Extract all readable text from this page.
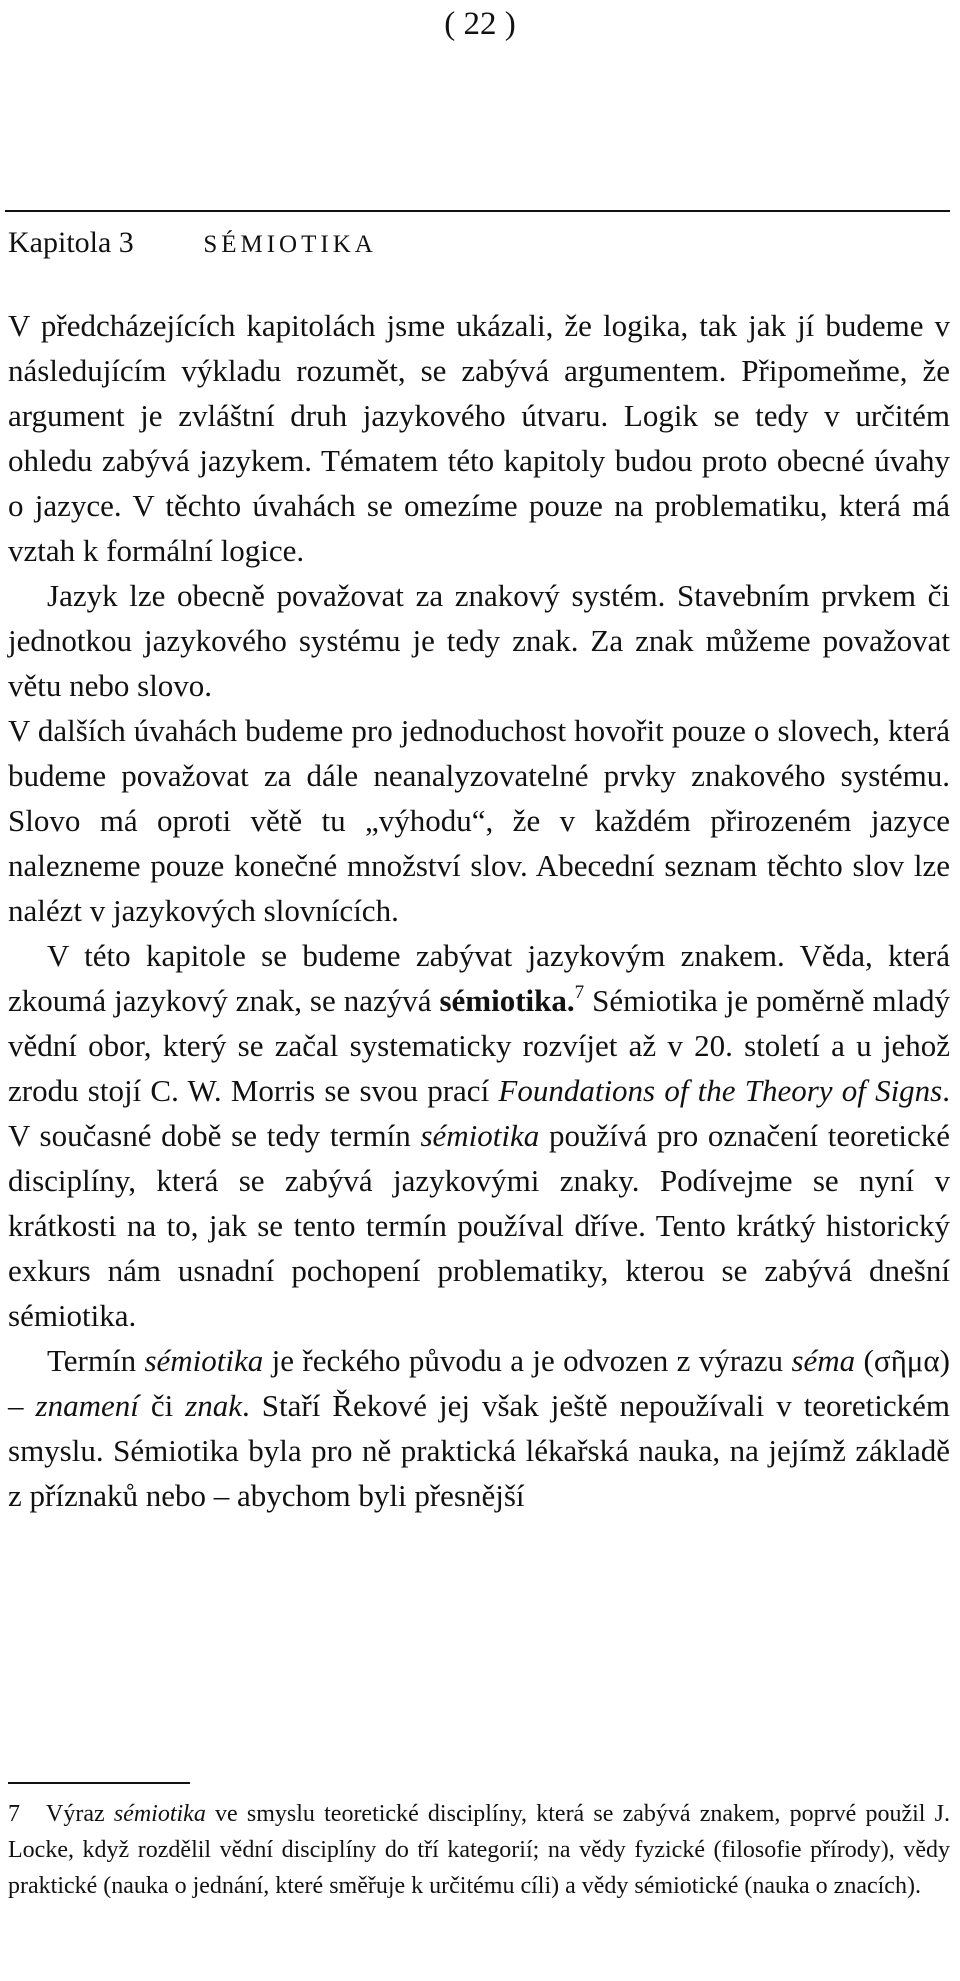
( 22 )
Kapitola 3	SÉMIOTIKA

V předcházejících kapitolách jsme ukázali, že logika, tak jak jí budeme v následujícím výkladu rozumět, se zabývá argumentem. Připomeňme, že argument je zvláštní druh jazykového útvaru. Logik se tedy v určitém ohledu zabývá jazykem. Tématem této kapitoly budou proto obecné úvahy o jazyce. V těchto úvahách se omezíme pouze na problematiku, která má vztah k formální logice.

Jazyk lze obecně považovat za znakový systém. Stavebním prvkem či jednotkou jazykového systému je tedy znak. Za znak můžeme považovat větu nebo slovo.

V dalších úvahách budeme pro jednoduchost hovořit pouze o slovech, která budeme považovat za dále neanalyzovatelné prvky znakového systému. Slovo má oproti větě tu „výhodu“, že v každém přirozeném jazyce nalezneme pouze konečné množství slov. Abecední seznam těchto slov lze nalézt v jazykových slovnících.

V této kapitole se budeme zabývat jazykovým znakem. Věda, která zkoumá jazykový znak, se nazývá sémiotika.$^7$ Sémiotika je poměrně mladý vědní obor, který se začal systematicky rozvíjet až v 20. století a u jehož zrodu stojí C. W. Morris se svou prací Foundations of the Theory of Signs. V současné době se tedy termín sémiotika používá pro označení teoretické disciplíny, která se zabývá jazykovými znaky. Podívejme se nyní v krátkosti na to, jak se tento termín používal dříve. Tento krátký historický exkurs nám usnadní pochopení problematiky, kterou se zabývá dnešní sémiotika.

Termín sémiotika je řeckého původu a je odvozen z výrazu séma (σῆμα) – znamení či znak. Staří Řekové jej však ještě nepoužívali v teoretickém smyslu. Sémiotika byla pro ně praktická lékařská nauka, na jejímž základě z příznaků nebo – abychom byli přesnější

7 Výraz sémiotika ve smyslu teoretické disciplíny, která se zabývá znakem, poprvé použil J. Locke, když rozdělil vědní disciplíny do tří kategorií; na vědy fyzické (filosofie přírody), vědy praktické (nauka o jednání, které směřuje k určitému cíli) a vědy sémiotické (nauka o znacích).
